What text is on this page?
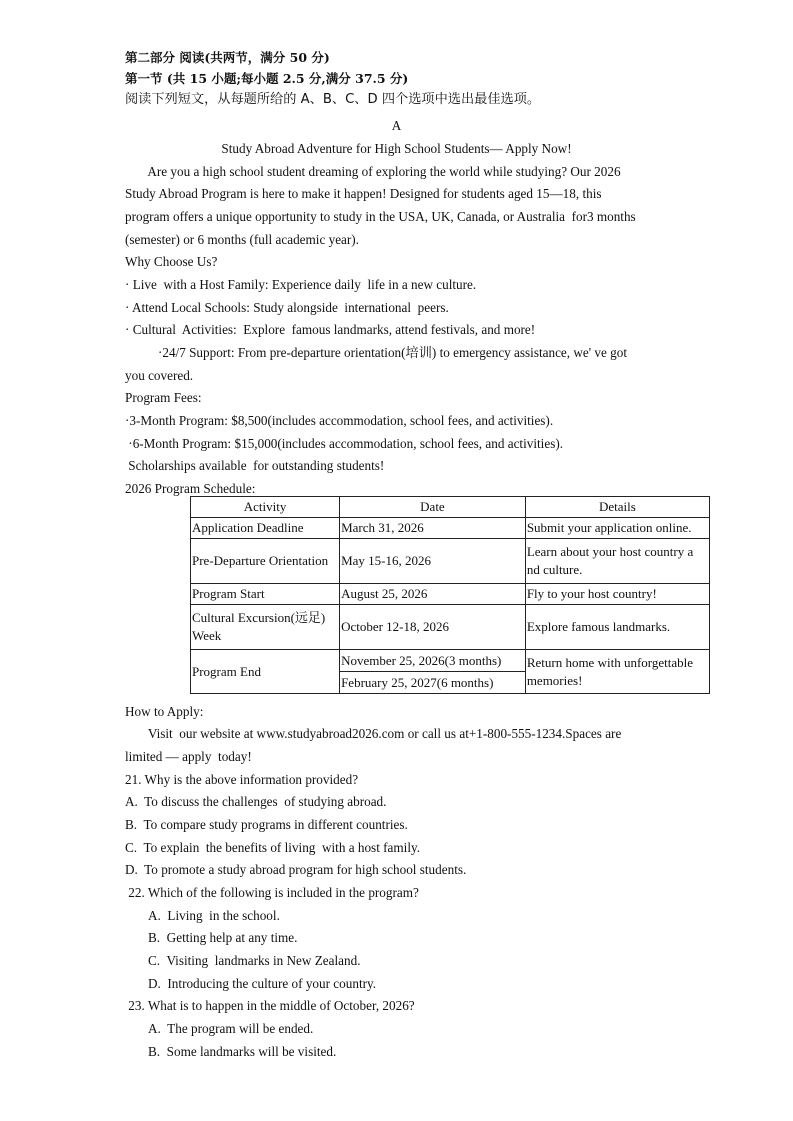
第二部分 阅读(共两节，满分 50 分)
第一节 (共 15 小题;每小题 2.5 分,满分 37.5 分)
阅读下列短文，从每题所给的 A、B、C、D 四个选项中选出最佳选项。
A
Study Abroad Adventure for High School Students— Apply Now!
Are you a high school student dreaming of exploring the world while studying? Our 2026
Study Abroad Program is here to make it happen! Designed for students aged 15—18, this
program offers a unique opportunity to study in the USA, UK, Canada, or Australia  for3 months
(semester) or 6 months (full academic year).
Why Choose Us?
· Live  with a Host Family: Experience daily  life in a new culture.
· Attend Local Schools: Study alongside  international  peers.
· Cultural  Activities:  Explore  famous landmarks, attend festivals, and more!
·24/7 Support: From pre-departure orientation(培训) to emergency assistance, we' ve got
you covered.
Program Fees:
·3-Month Program: $8,500(includes accommodation, school fees, and activities).
·6-Month Program: $15,000(includes accommodation, school fees, and activities).
Scholarships available  for outstanding students!
2026 Program Schedule:
Activity	Date	Details
Application Deadline	March 31, 2026	Submit your application online.
Pre-Departure Orientation	May 15-16, 2026	Learn about your host country a
nd culture.

Program Start	August 25, 2026	Fly to your host country!

Cultural Excursion(远足)
Week	October 12-18, 2026	Explore famous landmarks.
Program End	November 25, 2026(3 months)	Return home with unforgettable
memories!

	February 25, 2027(6 months)	
How to Apply:
Visit  our website at www.studyabroad2026.com or call us at+1-800-555-1234.Spaces are
limited — apply  today!
21. Why is the above information provided?
A.  To discuss the challenges  of studying abroad.
B.  To compare study programs in different countries.
C.  To explain  the benefits of living  with a host family.
D.  To promote a study abroad program for high school students.
22. Which of the following is included in the program?
A.  Living  in the school.
B.  Getting help at any time.
C.  Visiting  landmarks in New Zealand.
D.  Introducing the culture of your country.
23. What is to happen in the middle of October, 2026?
A.  The program will be ended.
B.  Some landmarks will be visited.
